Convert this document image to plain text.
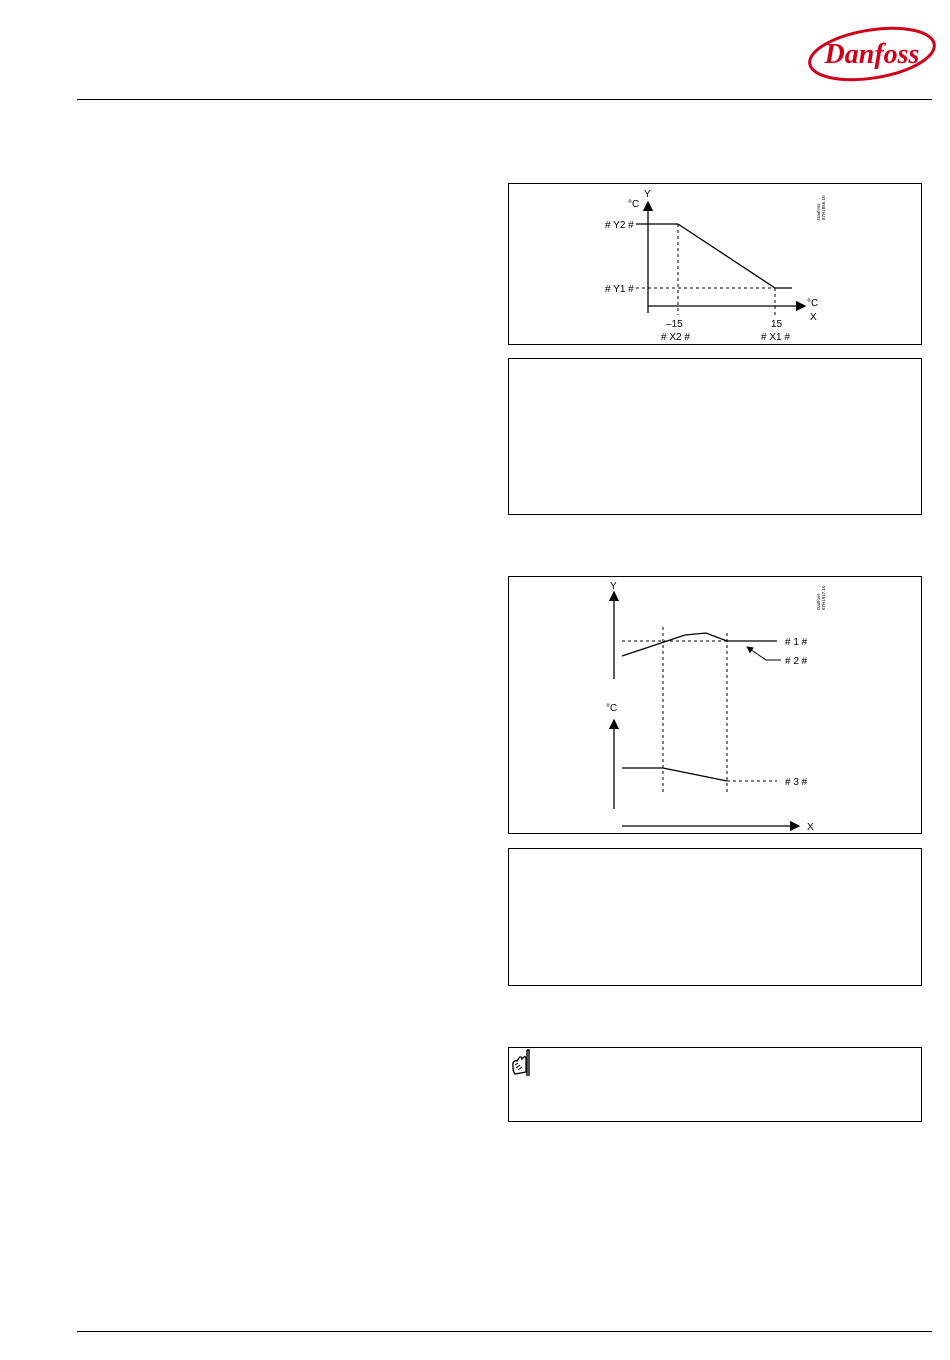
Danfoss
Y
°C
°C
X
# Y2 #
# Y1 #
–15	15
# X2 #	# X1 #
Danfoss 87H1856.10
Y
# 1 #
# 2 #
°C
# 3 #
X
Danfoss 87H1917.10
